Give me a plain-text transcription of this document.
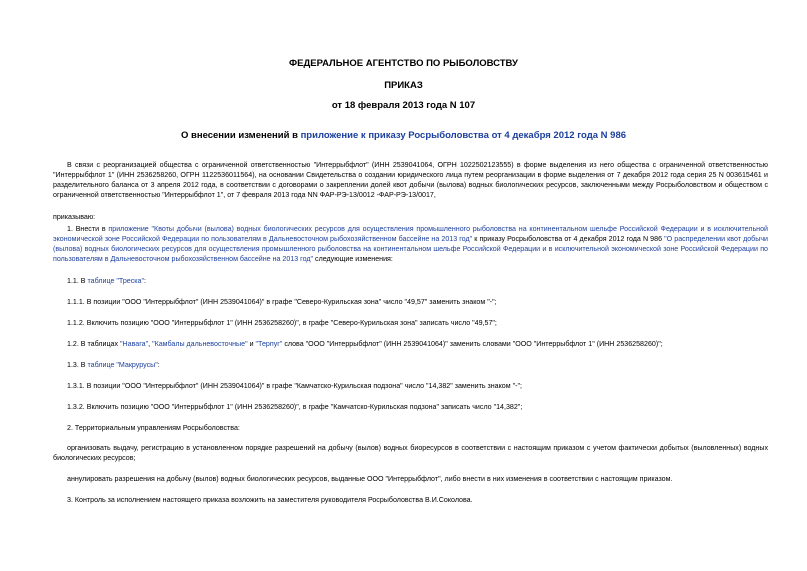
ФЕДЕРАЛЬНОЕ АГЕНТСТВО ПО РЫБОЛОВСТВУ
ПРИКАЗ
от 18 февраля 2013 года N 107
О внесении изменений в приложение к приказу Росрыболовства от 4 декабря 2012 года N 986

В связи с реорганизацией общества с ограниченной ответственностью "Интеррыбфлот" (ИНН 2539041064, ОГРН 1022502123555) в форме выделения из него общества с ограниченной ответственностью "Интеррыбфлот 1" (ИНН 2536258260, ОГРН 1122536011564), на основании Свидетельства о создании юридического лица путем реорганизации в форме выделения от 7 декабря 2012 года серия 25 N 003615461 и разделительного баланса от 3 апреля 2012 года, в соответствии с договорами о закреплении долей квот добычи (вылова) водных биологических ресурсов, заключенными между Росрыболовством и обществом с ограниченной ответственностью "Интеррыбфлот 1", от 7 февраля 2013 года NN ФАР-РЭ-13/0012 -ФАР-РЭ-13/0017,

приказываю:

1. Внести в приложение "Квоты добычи (вылова) водных биологических ресурсов для осуществления промышленного рыболовства на континентальном шельфе Российской Федерации и в исключительной экономической зоне Российской Федерации по пользователям в Дальневосточном рыбохозяйственном бассейне на 2013 год" к приказу Росрыболовства от 4 декабря 2012 года N 986 "О распределении квот добычи (вылова) водных биологических ресурсов для осуществления промышленного рыболовства на континентальном шельфе Российской Федерации и в исключительной экономической зоне Российской Федерации по пользователям в Дальневосточном рыбохозяйственном бассейне на 2013 год" следующие изменения:

1.1. В таблице "Треска":

1.1.1. В позиции "ООО "Интеррыбфлот" (ИНН 2539041064)" в графе "Северо-Курильская зона" число "49,57" заменить знаком "-";

1.1.2. Включить позицию "ООО "Интеррыбфлот 1" (ИНН 2536258260)", в графе "Северо-Курильская зона" записать число "49,57";

1.2. В таблицах "Навага", "Камбалы дальневосточные" и "Терпуг" слова "ООО "Интеррыбфлот" (ИНН 2539041064)" заменить словами "ООО "Интеррыбфлот 1" (ИНН 2536258260)";

1.3. В таблице "Макрурусы":

1.3.1. В позиции "ООО "Интеррыбфлот" (ИНН 2539041064)" в графе "Камчатско-Курильская подзона" число "14,382" заменить знаком "-";

1.3.2. Включить позицию "ООО "Интеррыбфлот 1" (ИНН 2536258260)", в графе "Камчатско-Курильская подзона" записать число "14,382";

2. Территориальным управлениям Росрыболовства:

организовать выдачу, регистрацию в установленном порядке разрешений на добычу (вылов) водных биоресурсов в соответствии с настоящим приказом с учетом фактически добытых (выловленных) водных биологических ресурсов;

аннулировать разрешения на добычу (вылов) водных биологических ресурсов, выданные ООО "Интеррыбфлот", либо внести в них изменения в соответствии с настоящим приказом.

3. Контроль за исполнением настоящего приказа возложить на заместителя руководителя Росрыболовства В.И.Соколова.
